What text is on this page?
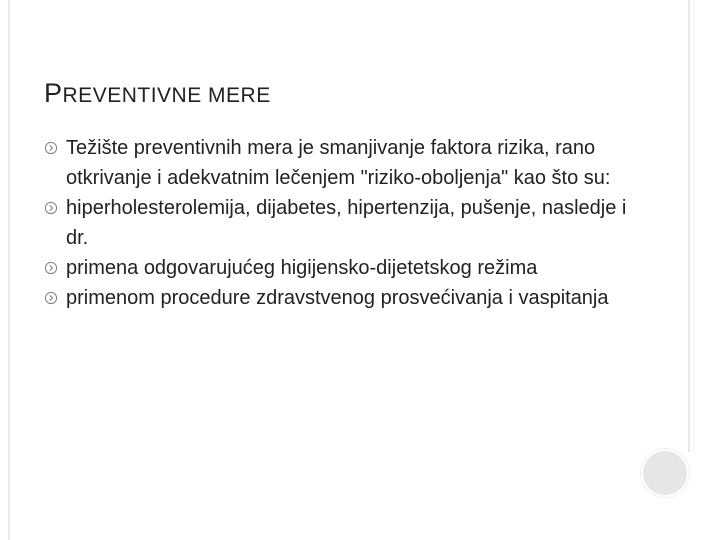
PREVENTIVNE MERE
Težište preventivnih mera je smanjivanje faktora rizika, rano otkrivanje i adekvatnim lečenjem "riziko-oboljenja" kao što su:
hiperholesterolemija, dijabetes, hipertenzija, pušenje, nasledje i dr.
primena odgovarujućeg higijensko-dijetetskog režima
primenom procedure zdravstvenog prosvećivanja i vaspitanja
